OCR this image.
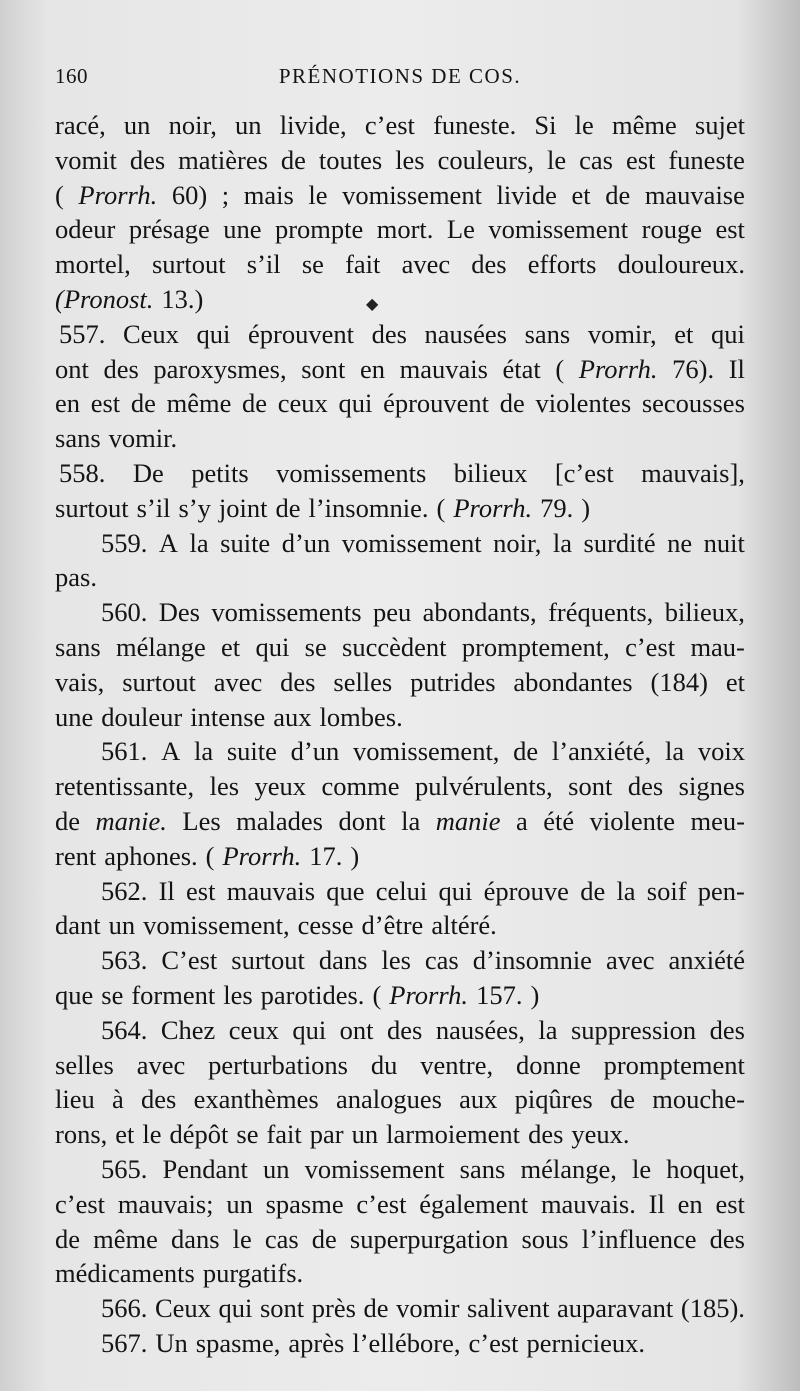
160	PRÉNOTIONS DE COS.
◆
racé, un noir, un livide, c’est funeste. Si le même sujet
vomit des matières de toutes les couleurs, le cas est funeste
( Prorrh. 60) ; mais le vomissement livide et de mauvaise
odeur présage une prompte mort. Le vomissement rouge est
mortel, surtout s’il se fait avec des efforts douloureux.
(Pronost. 13.)
557. Ceux qui éprouvent des nausées sans vomir, et qui
ont des paroxysmes, sont en mauvais état ( Prorrh. 76). Il
en est de même de ceux qui éprouvent de violentes secousses
sans vomir.
558. De petits vomissements bilieux [c’est mauvais],
surtout s’il s’y joint de l’insomnie. ( Prorrh. 79. )
559. A la suite d’un vomissement noir, la surdité ne nuit
pas.
560. Des vomissements peu abondants, fréquents, bilieux,
sans mélange et qui se succèdent promptement, c’est mau-
vais, surtout avec des selles putrides abondantes (184) et
une douleur intense aux lombes.
561. A la suite d’un vomissement, de l’anxiété, la voix
retentissante, les yeux comme pulvérulents, sont des signes
de manie. Les malades dont la manie a été violente meu-
rent aphones. ( Prorrh. 17. )
562. Il est mauvais que celui qui éprouve de la soif pen-
dant un vomissement, cesse d’être altéré.
563. C’est surtout dans les cas d’insomnie avec anxiété
que se forment les parotides. ( Prorrh. 157. )
564. Chez ceux qui ont des nausées, la suppression des
selles avec perturbations du ventre, donne promptement
lieu à des exanthèmes analogues aux piqûres de mouche-
rons, et le dépôt se fait par un larmoiement des yeux.
565. Pendant un vomissement sans mélange, le hoquet,
c’est mauvais; un spasme c’est également mauvais. Il en est
de même dans le cas de superpurgation sous l’influence des
médicaments purgatifs.
566. Ceux qui sont près de vomir salivent auparavant (185).
567. Un spasme, après l’ellébore, c’est pernicieux.
